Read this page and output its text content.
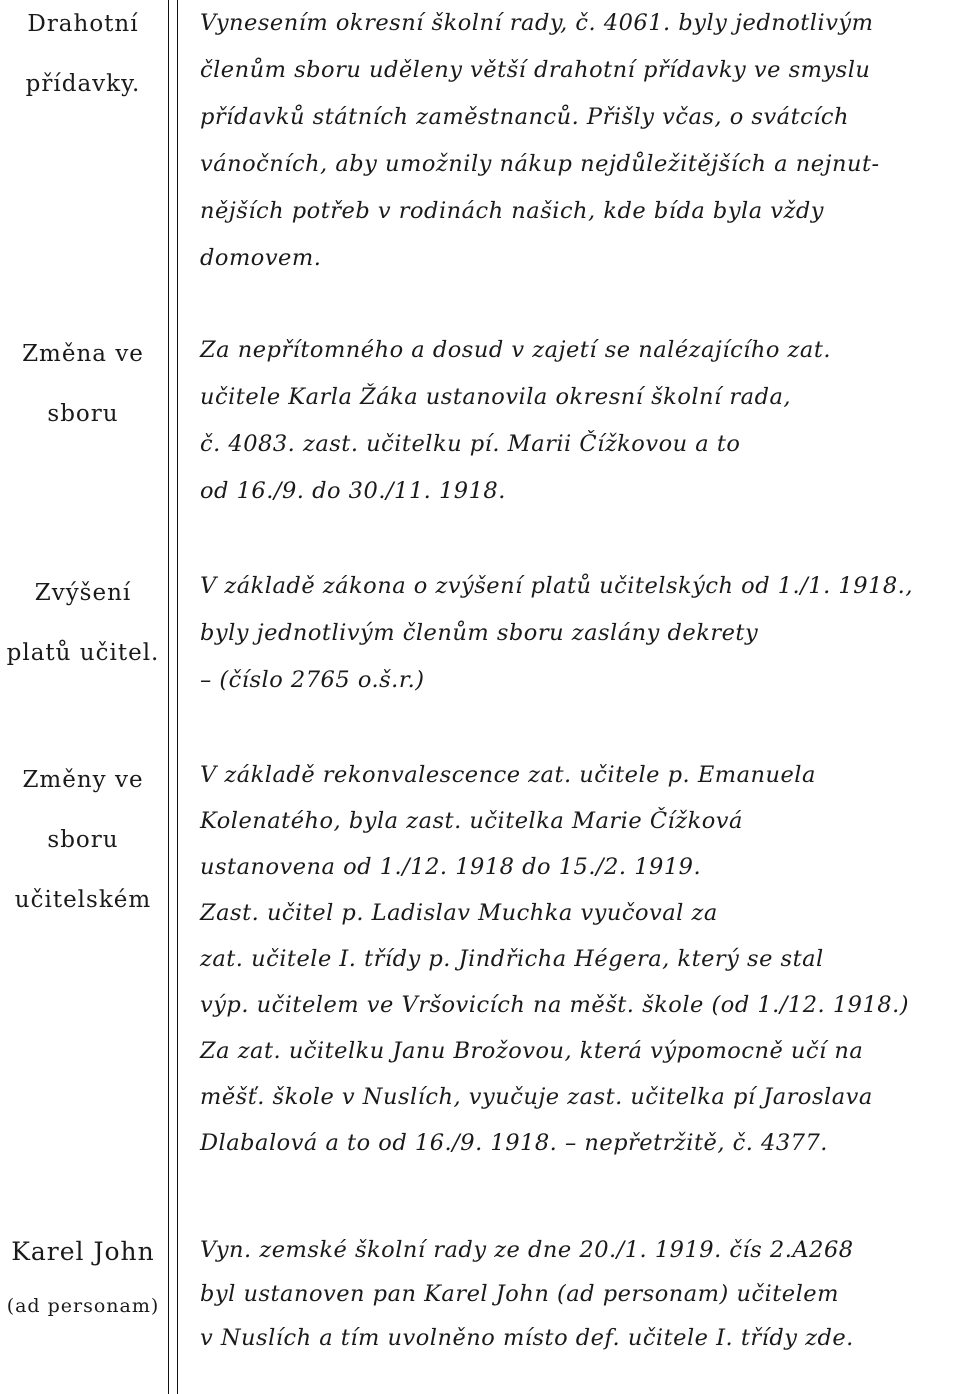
Drahotní
přídavky.
Vynesením okresní školní rady, č. 4061. byly jednotlivým
členům sboru uděleny větší drahotní přídavky ve smyslu
přídavků státních zaměstnanců. Přišly včas, o svátcích
vánočních, aby umožnily nákup nejdůležitějších a nejnut-
nějších potřeb v rodinách našich, kde bída byla vždy
domovem.
Změna ve
sboru
Za nepřítomného a dosud v zajetí se nalézajícího zat.
učitele Karla Žáka ustanovila okresní školní rada,
č. 4083. zast. učitelku pí. Marii Čížkovou a to
od 16./9. do 30./11. 1918.
Zvýšení
platů učitel.
V základě zákona o zvýšení platů učitelských od 1./1. 1918.,
byly jednotlivým členům sboru zaslány dekrety
– (číslo 2765 o.š.r.)
Změny ve
sboru
učitelském
V základě rekonvalescence zat. učitele p. Emanuela
Kolenatého, byla zast. učitelka Marie Čížková
ustanovena od 1./12. 1918 do 15./2. 1919.
Zast. učitel p. Ladislav Muchka vyučoval za
zat. učitele I. třídy p. Jindřicha Hégera, který se stal
výp. učitelem ve Vršovicích na měšt. škole (od 1./12. 1918.)
Za zat. učitelku Janu Brožovou, která výpomocně učí na
měšť. škole v Nuslích, vyučuje zast. učitelka pí Jaroslava
Dlabalová a to od 16./9. 1918. – nepřetržitě, č. 4377.
Karel John
(ad personam)
Vyn. zemské školní rady ze dne 20./1. 1919. čís 2.A268
byl ustanoven pan Karel John (ad personam) učitelem
v Nuslích a tím uvolněno místo def. učitele I. třídy zde.
